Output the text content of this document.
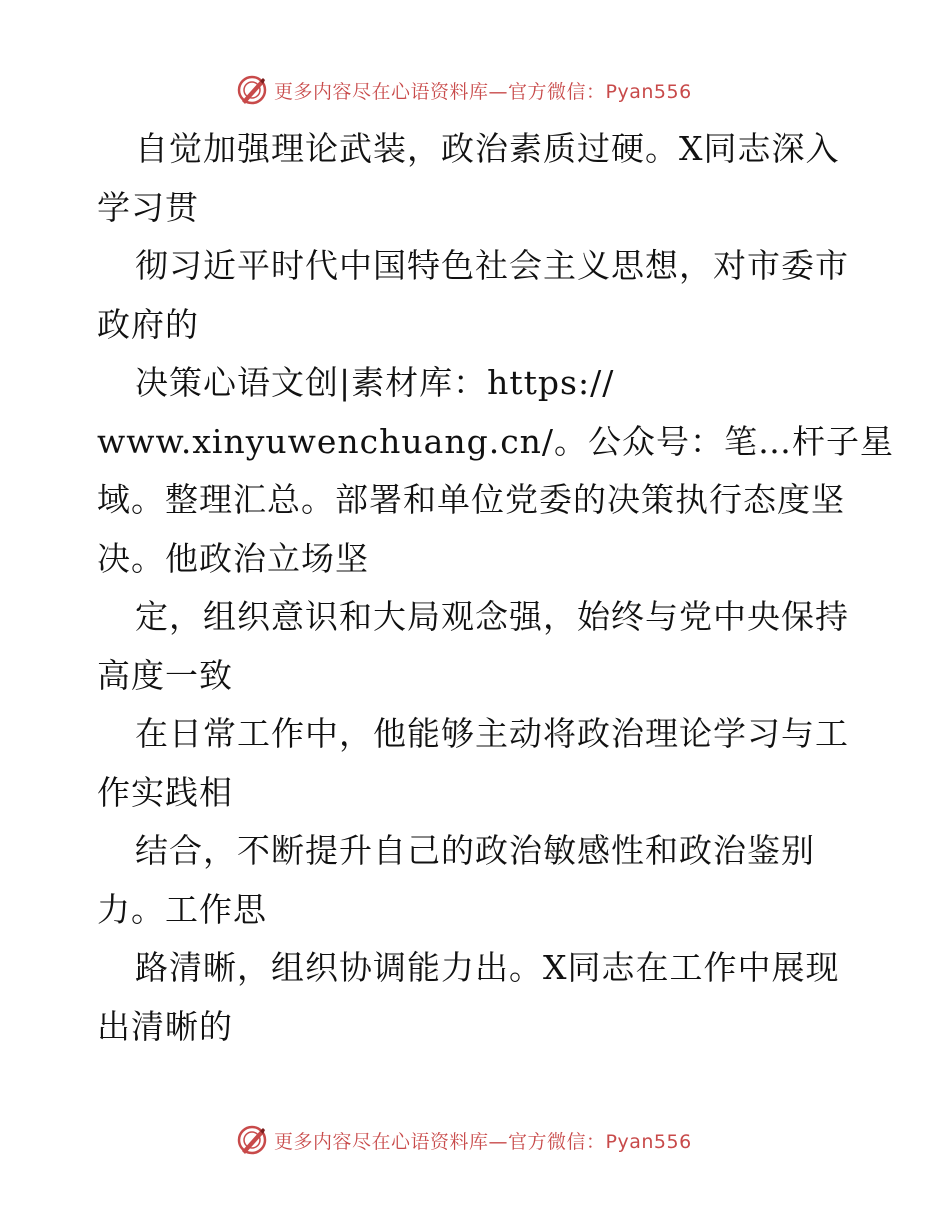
更多内容尽在心语资料库—官方微信：Pyan556
自觉加强理论武装，政治素质过硬。X同志深入
学习贯
彻习近平时代中国特色社会主义思想，对市委市
政府的
决策心语文创|素材库：https://
www.xinyuwenchuang.cn/。公众号：笔…杆子星
域。整理汇总。部署和单位党委的决策执行态度坚
决。他政治立场坚
定，组织意识和大局观念强，始终与党中央保持
高度一致
在日常工作中，他能够主动将政治理论学习与工
作实践相
结合，不断提升自己的政治敏感性和政治鉴别
力。工作思
路清晰，组织协调能力出。X同志在工作中展现
出清晰的
更多内容尽在心语资料库—官方微信：Pyan556
